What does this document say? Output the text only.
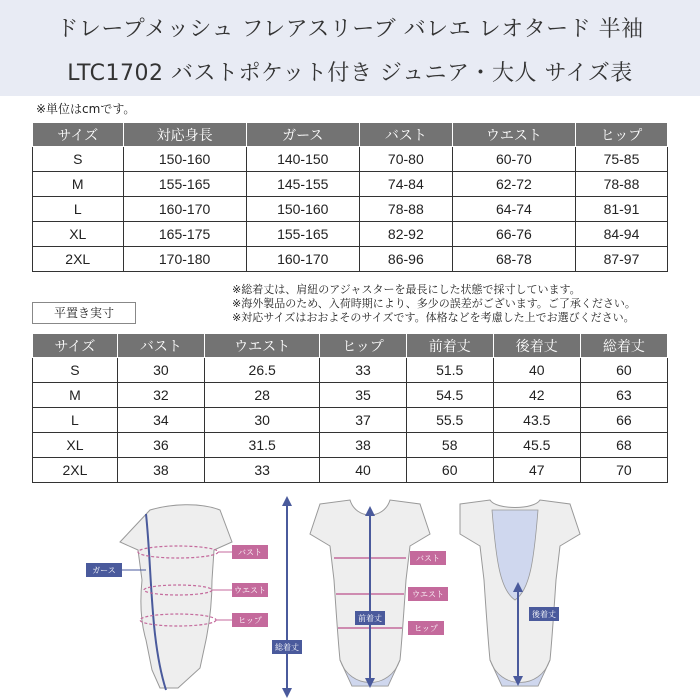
ドレープメッシュ フレアスリーブ バレエ レオタード 半袖
LTC1702 バストポケット付き ジュニア・大人 サイズ表
※単位はcmです。
サイズ	対応身長	ガース	バスト	ウエスト	ヒップ
S	150-160	140-150	70-80	60-70	75-85
M	155-165	145-155	74-84	62-72	78-88
L	160-170	150-160	78-88	64-74	81-91
XL	165-175	155-165	82-92	66-76	84-94
2XL	170-180	160-170	86-96	68-78	87-97
※総着丈は、肩紐のアジャスターを最長にした状態で採寸しています。
※海外製品のため、入荷時期により、多少の誤差がございます。ご了承ください。
※対応サイズはおおよそのサイズです。体格などを考慮した上でお選びください。
平置き実寸
サイズ	バスト	ウエスト	ヒップ	前着丈	後着丈	総着丈
S	30	26.5	33	51.5	40	60
M	32	28	35	54.5	42	63
L	34	30	37	55.5	43.5	66
XL	36	31.5	38	58	45.5	68
2XL	38	33	40	60	47	70
ガース
バスト
ウエスト
ヒップ
総着丈
前着丈
バスト
ウエスト
ヒップ
後着丈
